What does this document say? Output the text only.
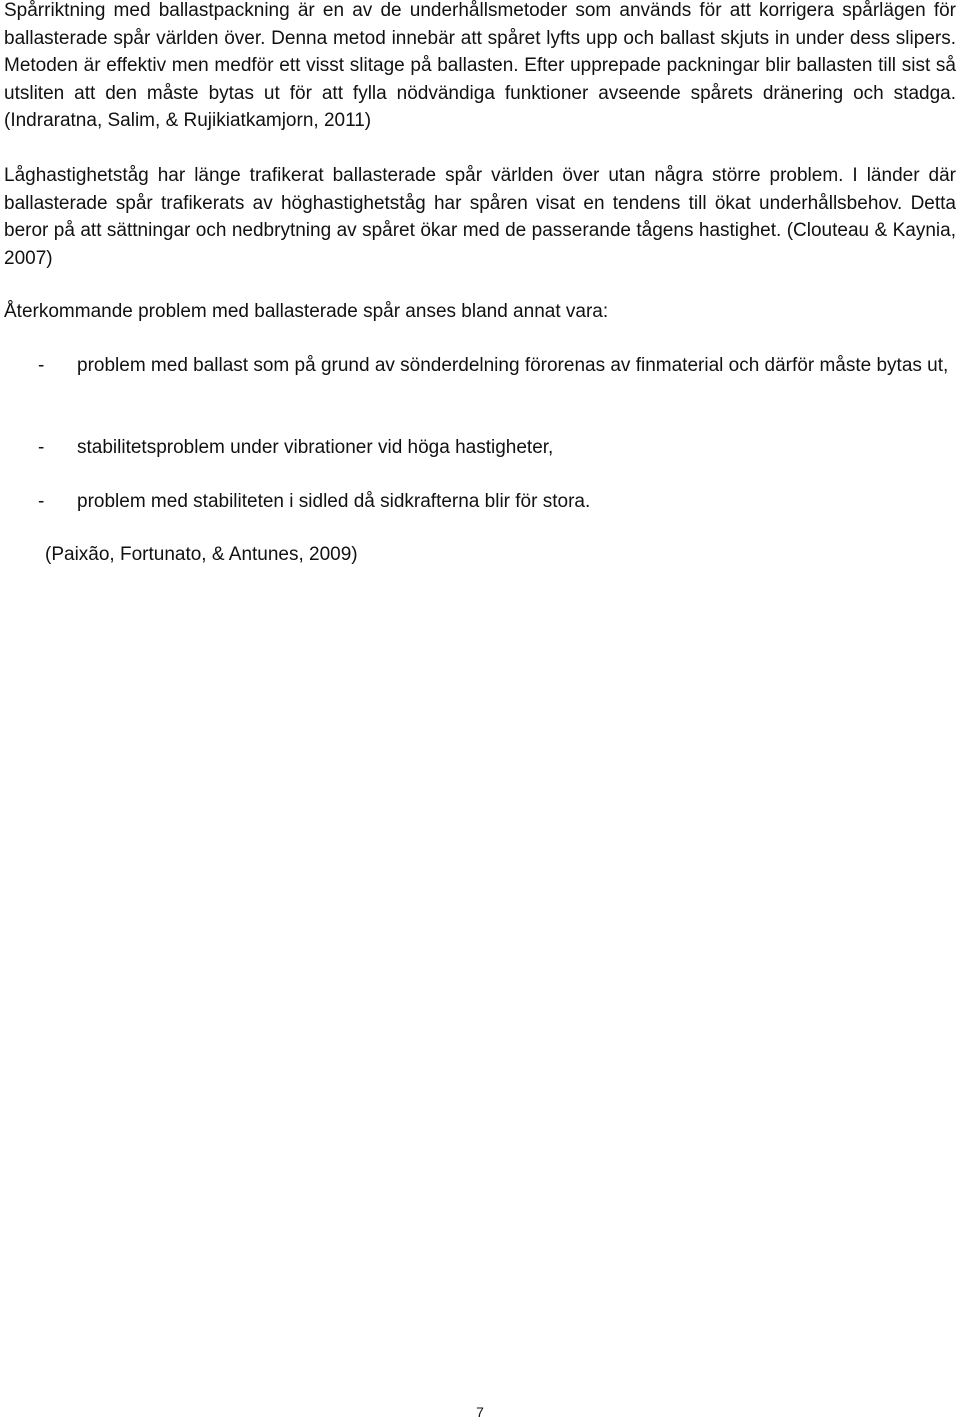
Spårriktning med ballastpackning är en av de underhållsmetoder som används för att korrigera spårlägen för ballasterade spår världen över. Denna metod innebär att spåret lyfts upp och ballast skjuts in under dess slipers. Metoden är effektiv men medför ett visst slitage på ballasten. Efter upprepade packningar blir ballasten till sist så utsliten att den måste bytas ut för att fylla nödvändiga funktioner avseende spårets dränering och stadga. (Indraratna, Salim, & Rujikiatkamjorn, 2011)

Låghastighetståg har länge trafikerat ballasterade spår världen över utan några större problem. I länder där ballasterade spår trafikerats av höghastighetståg har spåren visat en tendens till ökat underhållsbehov. Detta beror på att sättningar och nedbrytning av spåret ökar med de passerande tågens hastighet. (Clouteau & Kaynia, 2007)

Återkommande problem med ballasterade spår anses bland annat vara:

- problem med ballast som på grund av sönderdelning förorenas av finmaterial och därför måste bytas ut,
- stabilitetsproblem under vibrationer vid höga hastigheter,
- problem med stabiliteten i sidled då sidkrafterna blir för stora.

(Paixão, Fortunato, & Antunes, 2009)

7
